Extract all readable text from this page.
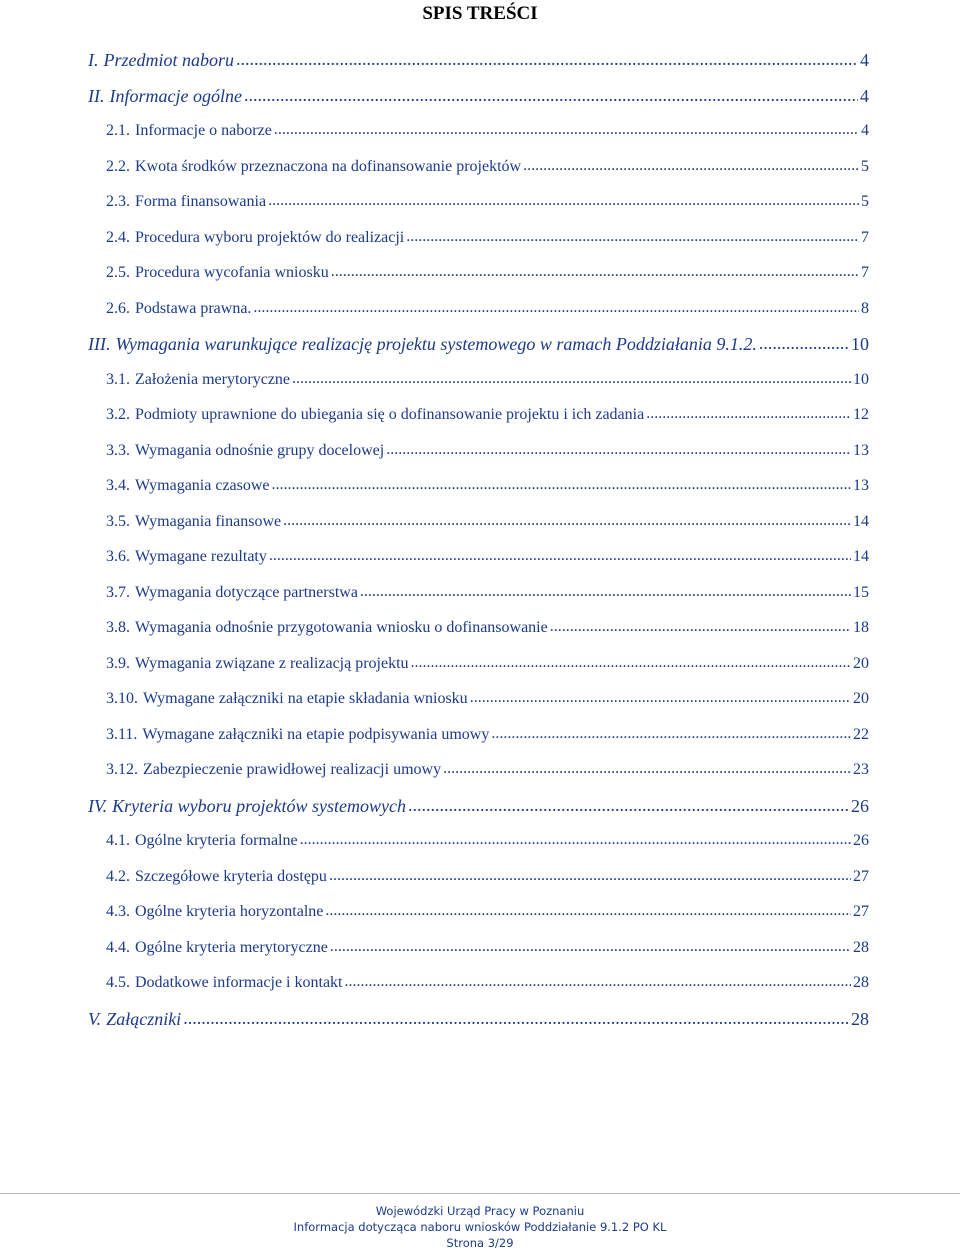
SPIS TREŚCI
I. Przedmiot naboru .....	4
II. Informacje ogólne .....	4
2.1. Informacje o naborze .....	4
2.2. Kwota środków przeznaczona na dofinansowanie projektów .....	5
2.3. Forma finansowania .....	5
2.4. Procedura wyboru projektów do realizacji .....	7
2.5. Procedura wycofania wniosku .....	7
2.6. Podstawa prawna. .....	8
III. Wymagania warunkujące realizację projektu systemowego w ramach Poddziałania 9.1.2. .....	10
3.1. Założenia merytoryczne .....	10
3.2. Podmioty uprawnione do ubiegania się o dofinansowanie projektu i ich zadania .....	12
3.3. Wymagania odnośnie grupy docelowej .....	13
3.4. Wymagania czasowe .....	13
3.5. Wymagania finansowe .....	14
3.6. Wymagane rezultaty .....	14
3.7. Wymagania dotyczące partnerstwa .....	15
3.8. Wymagania odnośnie przygotowania wniosku o dofinansowanie .....	18
3.9. Wymagania związane z realizacją projektu .....	20
3.10. Wymagane załączniki na etapie składania wniosku .....	20
3.11. Wymagane załączniki na etapie podpisywania umowy .....	22
3.12. Zabezpieczenie prawidłowej realizacji umowy .....	23
IV. Kryteria wyboru projektów systemowych .....	26
4.1. Ogólne kryteria formalne .....	26
4.2. Szczegółowe kryteria dostępu .....	27
4.3. Ogólne kryteria horyzontalne .....	27
4.4. Ogólne kryteria merytoryczne .....	28
4.5. Dodatkowe informacje i kontakt .....	28
V. Załączniki .....	28
Wojewódzki Urząd Pracy w Poznaniu
Informacja dotycząca naboru wniosków Poddziałanie 9.1.2 PO KL
Strona 3/29
